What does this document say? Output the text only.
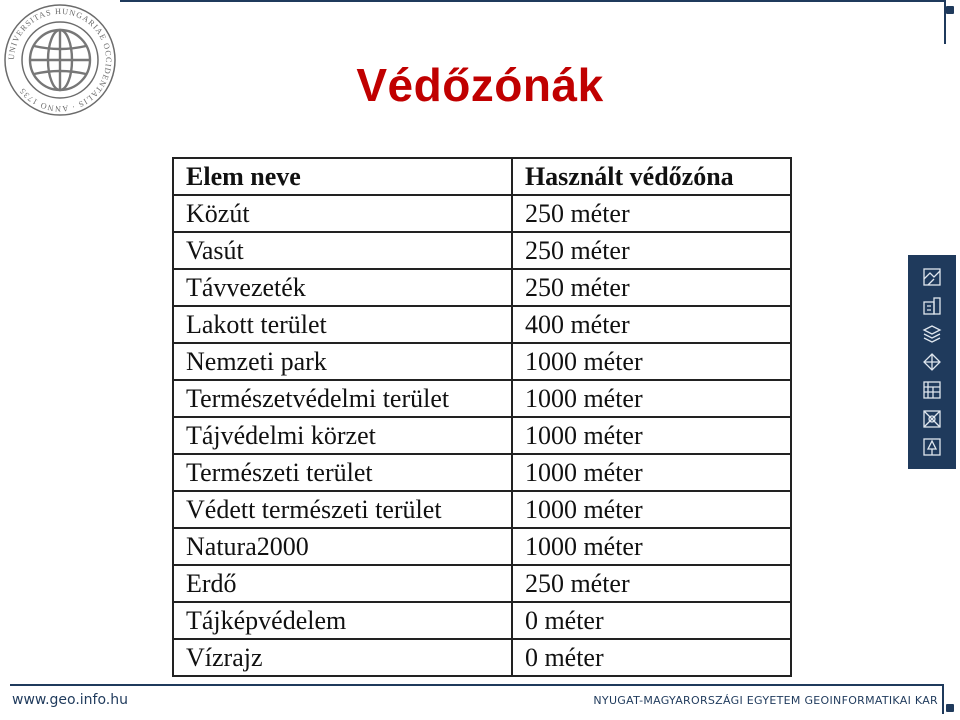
UNIVERSITAS HUNGARIAE OCCIDENTALIS · ANNO 1735	Védőzónák
Elem neve	Használt védőzóna
Közút	250 méter
Vasút	250 méter
Távvezeték	250 méter
Lakott terület	400 méter
Nemzeti park	1000 méter
Természetvédelmi terület	1000 méter
Tájvédelmi körzet	1000 méter
Természeti terület	1000 méter
Védett természeti terület	1000 méter
Natura2000	1000 méter
Erdő	250 méter
Tájképvédelem	0 méter
Vízrajz	0 méter
www.geo.info.hu	NYUGAT-MAGYARORSZÁGI EGYETEM GEOINFORMATIKAI KAR
